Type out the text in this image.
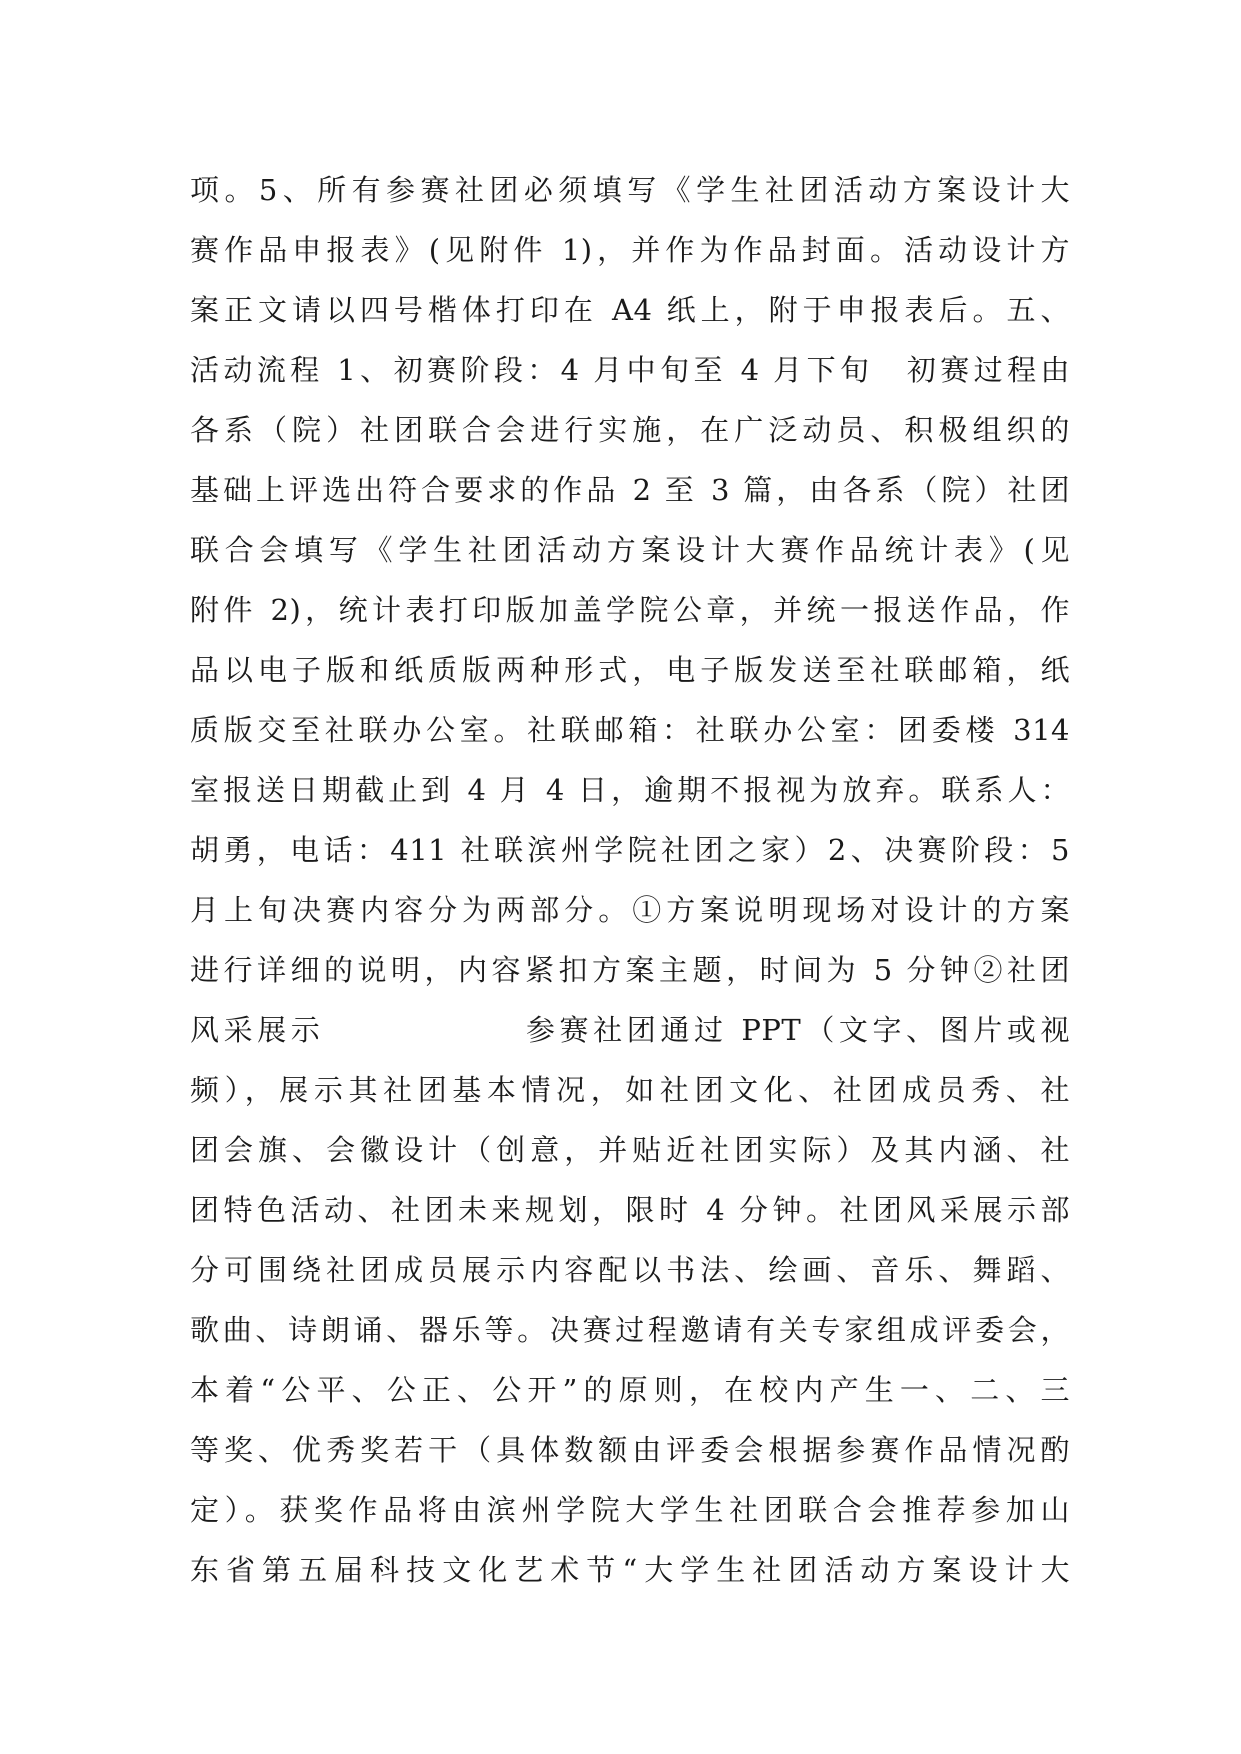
项。5、所有参赛社团必须填写《学生社团活动方案设计大
赛作品申报表》(见附件 1)，并作为作品封面。活动设计方
案正文请以四号楷体打印在 A4 纸上，附于申报表后。五、
活动流程 1、初赛阶段：4 月中旬至 4 月下旬　初赛过程由
各系（院）社团联合会进行实施，在广泛动员、积极组织的
基础上评选出符合要求的作品 2 至 3 篇，由各系（院）社团
联合会填写《学生社团活动方案设计大赛作品统计表》(见
附件 2)，统计表打印版加盖学院公章，并统一报送作品，作
品以电子版和纸质版两种形式，电子版发送至社联邮箱，纸
质版交至社联办公室。社联邮箱：社联办公室：团委楼 314
室报送日期截止到 4 月 4 日，逾期不报视为放弃。联系人：
胡勇，电话：411 社联滨州学院社团之家）2、决赛阶段：5
月上旬决赛内容分为两部分。①方案说明现场对设计的方案
进行详细的说明，内容紧扣方案主题，时间为 5 分钟②社团
风采展示　　　　　　参赛社团通过 PPT（文字、图片或视
频），展示其社团基本情况，如社团文化、社团成员秀、社
团会旗、会徽设计（创意，并贴近社团实际）及其内涵、社
团特色活动、社团未来规划，限时 4 分钟。社团风采展示部
分可围绕社团成员展示内容配以书法、绘画、音乐、舞蹈、
歌曲、诗朗诵、器乐等。决赛过程邀请有关专家组成评委会，
本着“公平、公正、公开”的原则，在校内产生一、二、三
等奖、优秀奖若干（具体数额由评委会根据参赛作品情况酌
定）。获奖作品将由滨州学院大学生社团联合会推荐参加山
东省第五届科技文化艺术节“大学生社团活动方案设计大
